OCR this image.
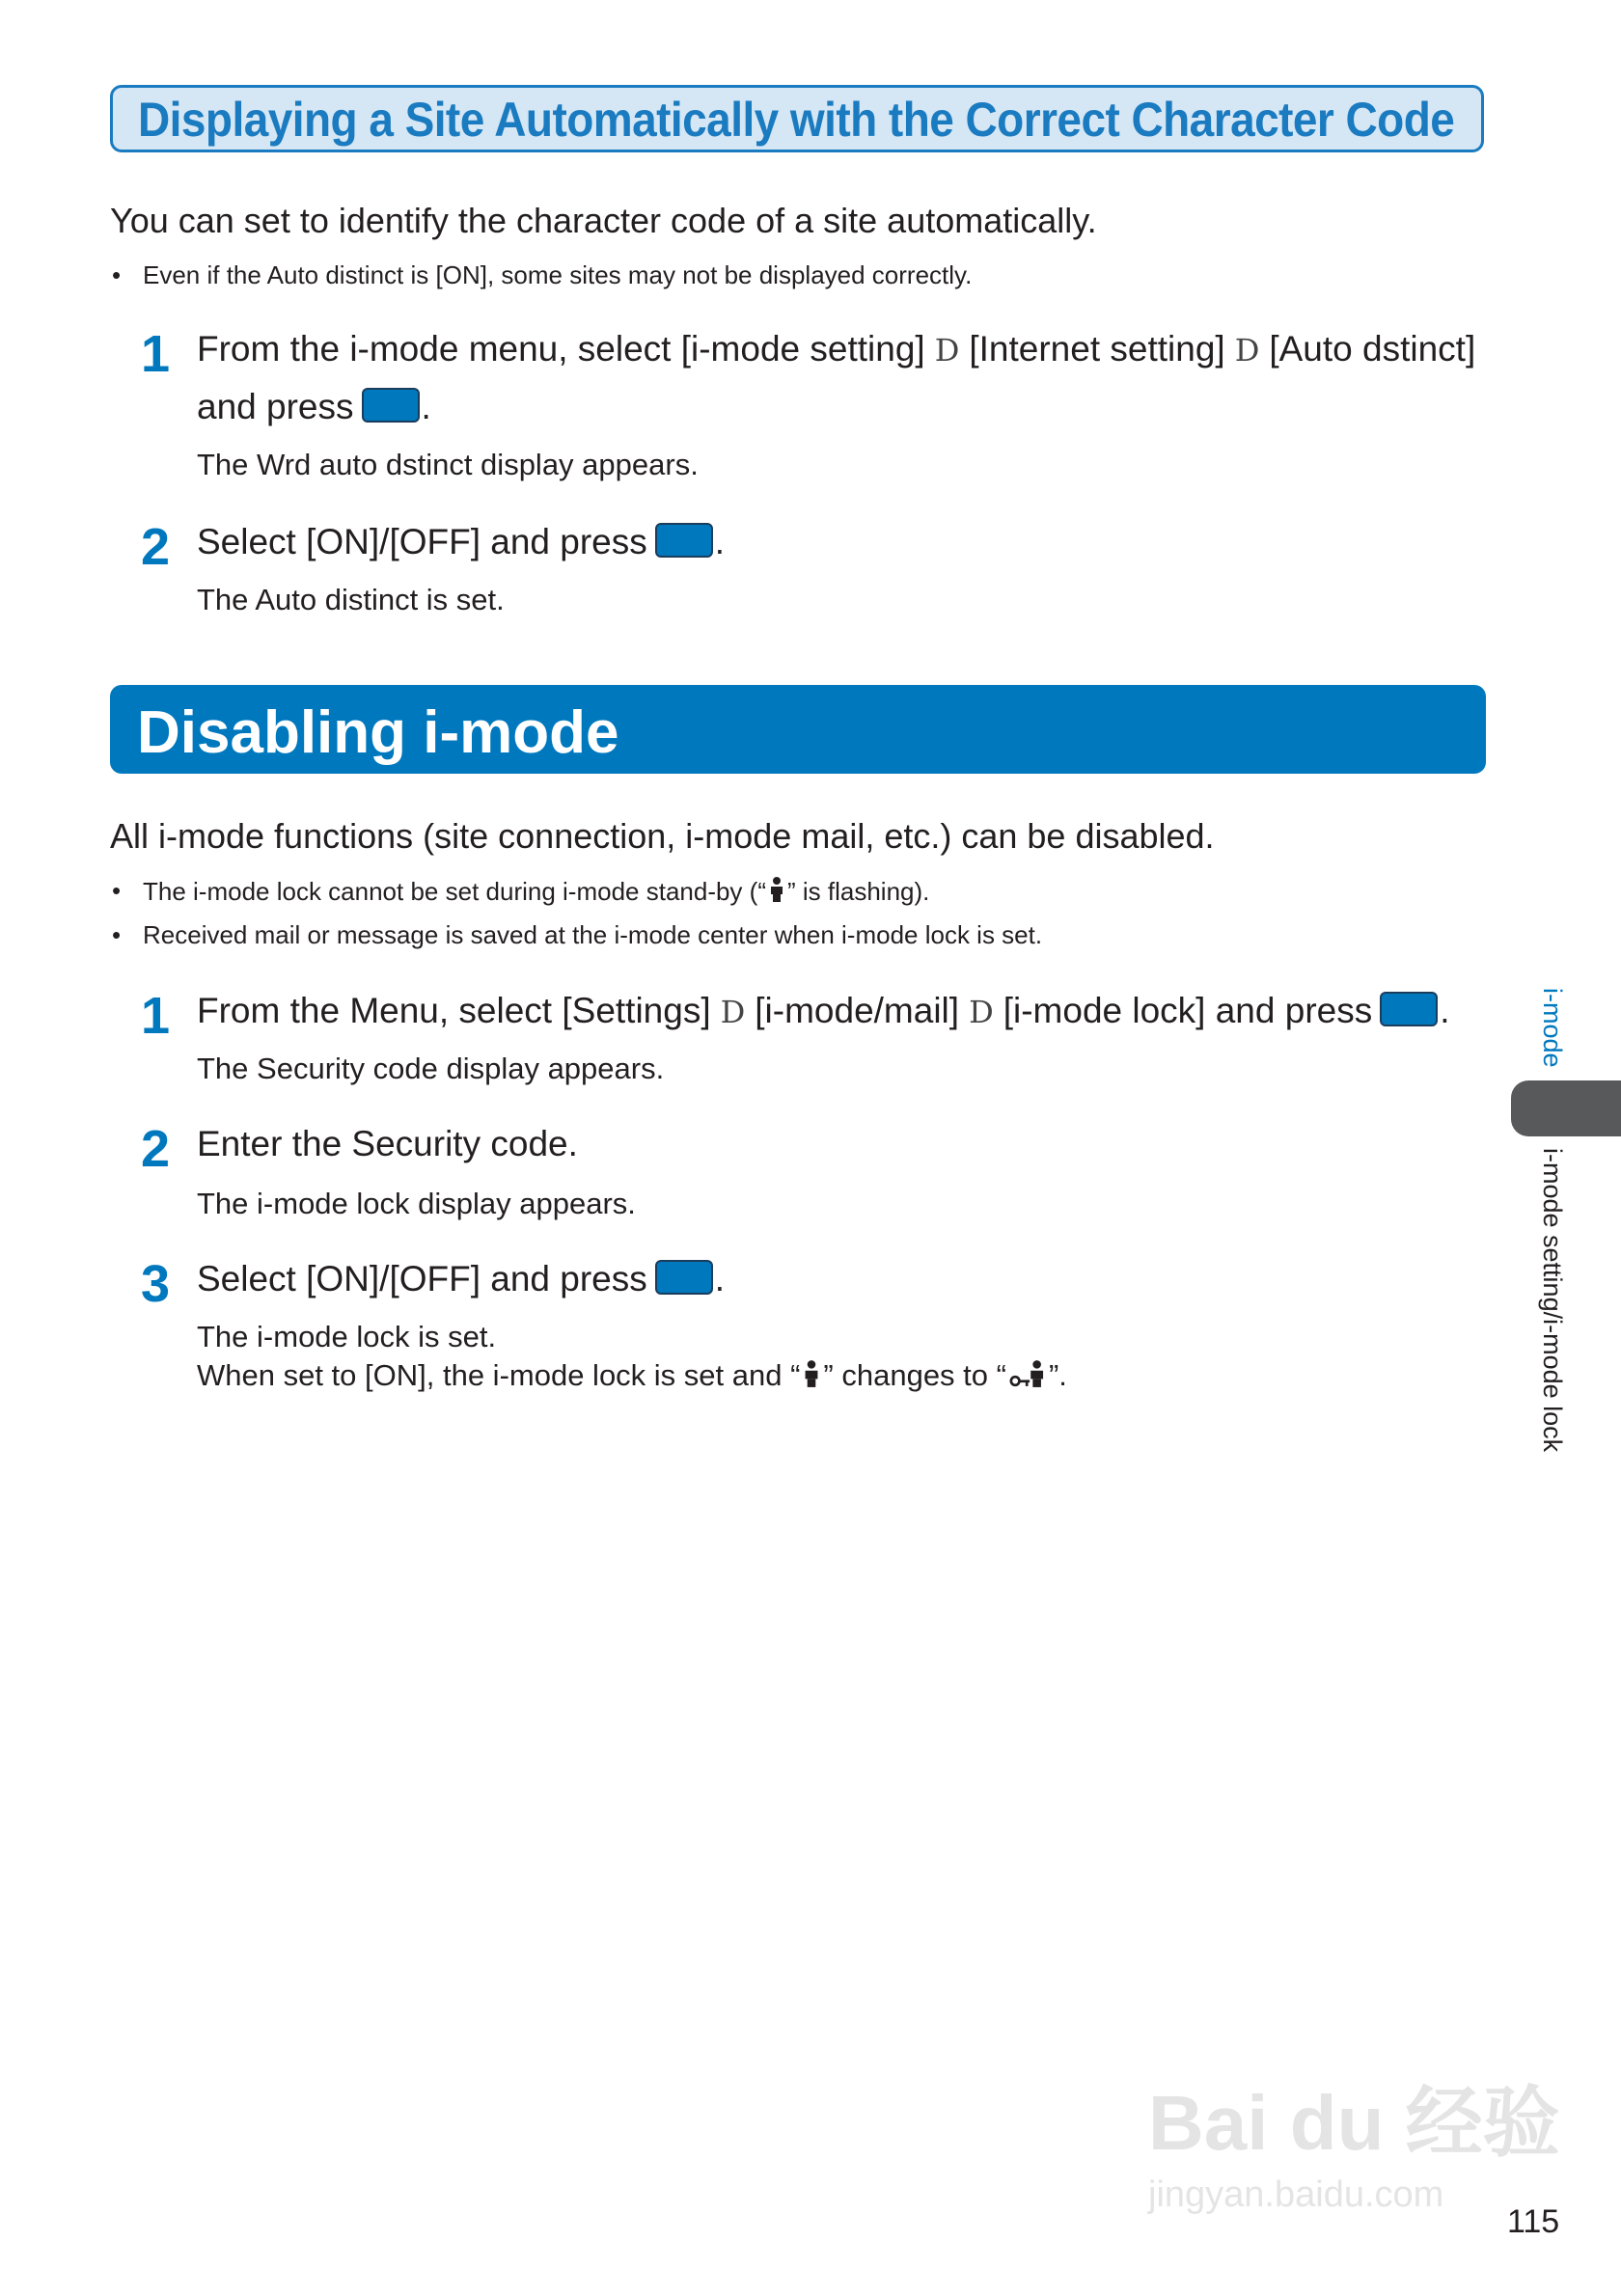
Displaying a Site Automatically with the Correct Character Code
You can set to identify the character code of a site automatically.
• Even if the Auto distinct is [ON], some sites may not be displayed correctly.
1 From the i-mode menu, select [i-mode setting] D [Internet setting] D [Auto dstinct]
and press .
The Wrd auto dstinct display appears.
2 Select [ON]/[OFF] and press .
The Auto distinct is set.
Disabling i-mode
All i-mode functions (site connection, i-mode mail, etc.) can be disabled.
• The i-mode lock cannot be set during i-mode stand-by (“ ” is flashing).
• Received mail or message is saved at the i-mode center when i-mode lock is set.
1 From the Menu, select [Settings] D [i-mode/mail] D [i-mode lock] and press .
The Security code display appears.
2 Enter the Security code.
The i-mode lock display appears.
3 Select [ON]/[OFF] and press .
The i-mode lock is set.
When set to [ON], the i-mode lock is set and “ ” changes to “ ”.
i-mode
i-mode setting/i-mode lock
Bai du 经验
jingyan.baidu.com
115
